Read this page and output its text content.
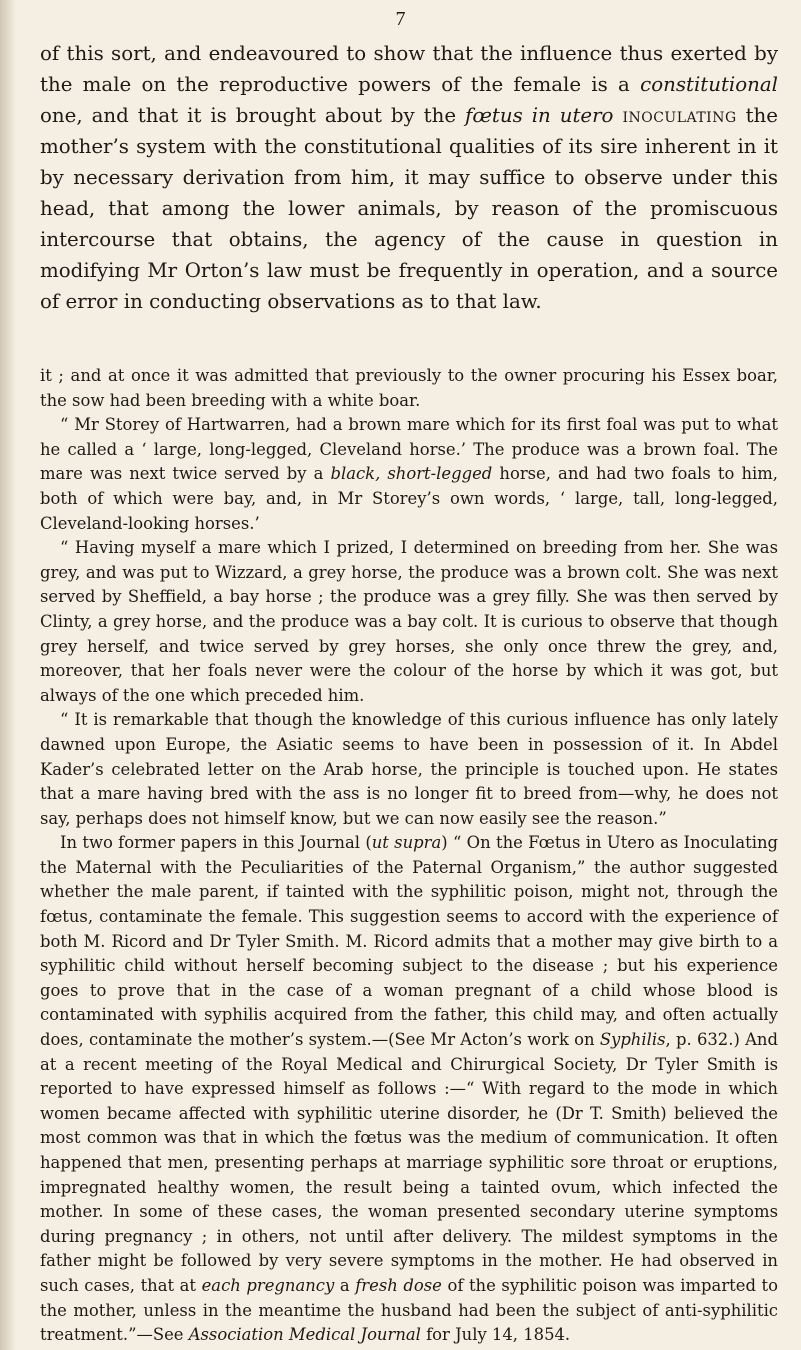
7

of this sort, and endeavoured to show that the influence thus exerted by the male on the reproductive powers of the female is a constitutional one, and that it is brought about by the fœtus in utero inoculating the mother’s system with the constitutional qualities of its sire inherent in it by necessary derivation from him, it may suffice to observe under this head, that among the lower animals, by reason of the promiscuous intercourse that obtains, the agency of the cause in question in modifying Mr Orton’s law must be frequently in operation, and a source of error in conducting observations as to that law.

it ; and at once it was admitted that previously to the owner procuring his Essex boar, the sow had been breeding with a white boar.

“ Mr Storey of Hartwarren, had a brown mare which for its first foal was put to what he called a ‘ large, long-legged, Cleveland horse.’ The produce was a brown foal. The mare was next twice served by a black, short-legged horse, and had two foals to him, both of which were bay, and, in Mr Storey’s own words, ‘ large, tall, long-legged, Cleveland-looking horses.’

“ Having myself a mare which I prized, I determined on breeding from her. She was grey, and was put to Wizzard, a grey horse, the produce was a brown colt. She was next served by Sheffield, a bay horse ; the produce was a grey filly. She was then served by Clinty, a grey horse, and the produce was a bay colt. It is curious to observe that though grey herself, and twice served by grey horses, she only once threw the grey, and, moreover, that her foals never were the colour of the horse by which it was got, but always of the one which preceded him.

“ It is remarkable that though the knowledge of this curious influence has only lately dawned upon Europe, the Asiatic seems to have been in possession of it. In Abdel Kader’s celebrated letter on the Arab horse, the principle is touched upon. He states that a mare having bred with the ass is no longer fit to breed from—why, he does not say, perhaps does not himself know, but we can now easily see the reason.”

In two former papers in this Journal (ut supra) “ On the Fœtus in Utero as Inoculating the Maternal with the Peculiarities of the Paternal Organism,” the author suggested whether the male parent, if tainted with the syphilitic poison, might not, through the fœtus, contaminate the female. This suggestion seems to accord with the experience of both M. Ricord and Dr Tyler Smith. M. Ricord admits that a mother may give birth to a syphilitic child without herself becoming subject to the disease ; but his experience goes to prove that in the case of a woman pregnant of a child whose blood is contaminated with syphilis acquired from the father, this child may, and often actually does, contaminate the mother’s system.—(See Mr Acton’s work on Syphilis, p. 632.) And at a recent meeting of the Royal Medical and Chirurgical Society, Dr Tyler Smith is reported to have expressed himself as follows :—“ With regard to the mode in which women became affected with syphilitic uterine disorder, he (Dr T. Smith) believed the most common was that in which the fœtus was the medium of communication. It often happened that men, presenting perhaps at marriage syphilitic sore throat or eruptions, impregnated healthy women, the result being a tainted ovum, which infected the mother. In some of these cases, the woman presented secondary uterine symptoms during pregnancy ; in others, not until after delivery. The mildest symptoms in the father might be followed by very severe symptoms in the mother. He had observed in such cases, that at each pregnancy a fresh dose of the syphilitic poison was imparted to the mother, unless in the meantime the husband had been the subject of anti-syphilitic treatment.”—See Association Medical Journal for July 14, 1854.
